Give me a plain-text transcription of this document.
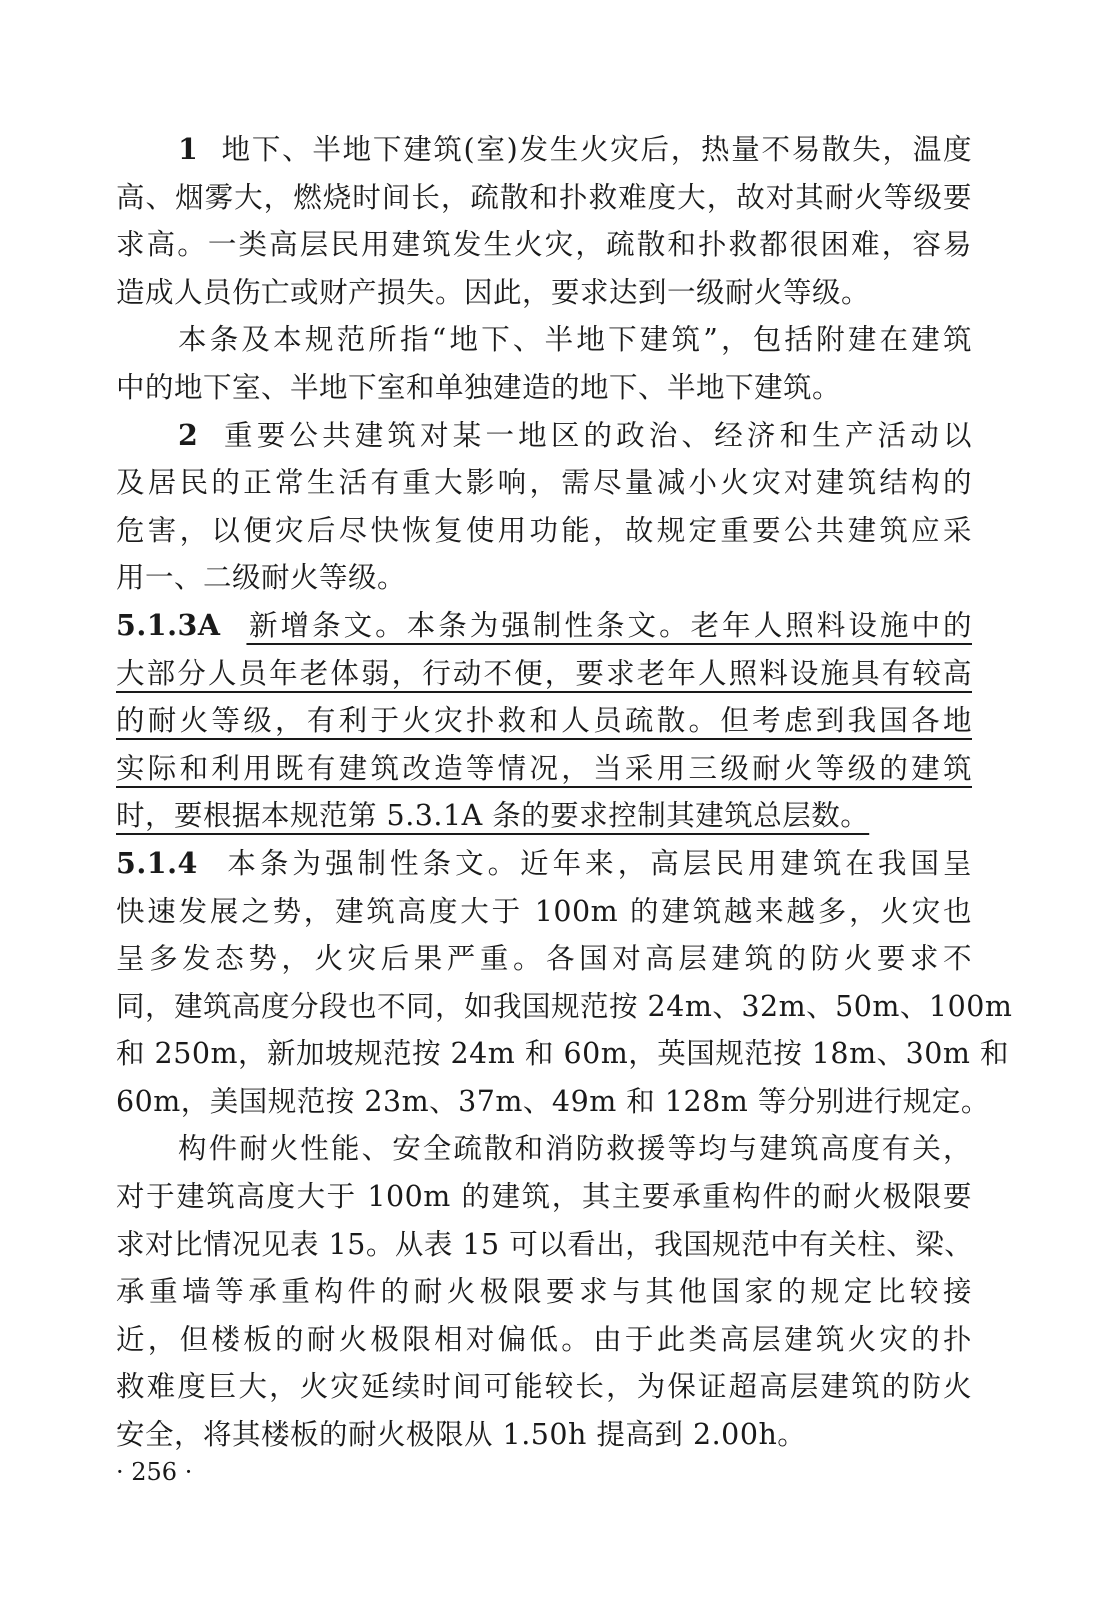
1 地下、半地下建筑(室)发生火灾后，热量不易散失，温度
高、烟雾大，燃烧时间长，疏散和扑救难度大，故对其耐火等级要
求高。一类高层民用建筑发生火灾，疏散和扑救都很困难，容易
造成人员伤亡或财产损失。因此，要求达到一级耐火等级。
本条及本规范所指“地下、半地下建筑”，包括附建在建筑
中的地下室、半地下室和单独建造的地下、半地下建筑。
2 重要公共建筑对某一地区的政治、经济和生产活动以
及居民的正常生活有重大影响，需尽量减小火灾对建筑结构的
危害，以便灾后尽快恢复使用功能，故规定重要公共建筑应采
用一、二级耐火等级。
5.1.3A 新增条文。本条为强制性条文。老年人照料设施中的
大部分人员年老体弱，行动不便，要求老年人照料设施具有较高
的耐火等级，有利于火灾扑救和人员疏散。但考虑到我国各地
实际和利用既有建筑改造等情况，当采用三级耐火等级的建筑
时，要根据本规范第 5.3.1A 条的要求控制其建筑总层数。
5.1.4 本条为强制性条文。近年来，高层民用建筑在我国呈
快速发展之势，建筑高度大于 100m 的建筑越来越多，火灾也
呈多发态势，火灾后果严重。各国对高层建筑的防火要求不
同，建筑高度分段也不同，如我国规范按 24m、32m、50m、100m
和 250m，新加坡规范按 24m 和 60m，英国规范按 18m、30m 和
60m，美国规范按 23m、37m、49m 和 128m 等分别进行规定。
构件耐火性能、安全疏散和消防救援等均与建筑高度有关，
对于建筑高度大于 100m 的建筑，其主要承重构件的耐火极限要
求对比情况见表 15。从表 15 可以看出，我国规范中有关柱、梁、
承重墙等承重构件的耐火极限要求与其他国家的规定比较接
近，但楼板的耐火极限相对偏低。由于此类高层建筑火灾的扑
救难度巨大，火灾延续时间可能较长，为保证超高层建筑的防火
安全，将其楼板的耐火极限从 1.50h 提高到 2.00h。
· 256 ·
